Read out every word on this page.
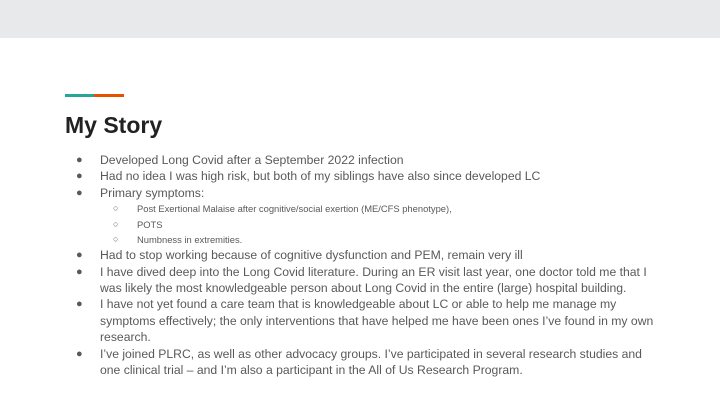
My Story
● Developed Long Covid after a September 2022 infection
● Had no idea I was high risk, but both of my siblings have also since developed LC
● Primary symptoms:
○ Post Exertional Malaise after cognitive/social exertion (ME/CFS phenotype),
○ POTS
○ Numbness in extremities.
● Had to stop working because of cognitive dysfunction and PEM, remain very ill
● I have dived deep into the Long Covid literature. During an ER visit last year, one doctor told me that I was likely the most knowledgeable person about Long Covid in the entire (large) hospital building.
● I have not yet found a care team that is knowledgeable about LC or able to help me manage my symptoms effectively; the only interventions that have helped me have been ones I’ve found in my own research.
● I’ve joined PLRC, as well as other advocacy groups. I’ve participated in several research studies and one clinical trial – and I’m also a participant in the All of Us Research Program.
